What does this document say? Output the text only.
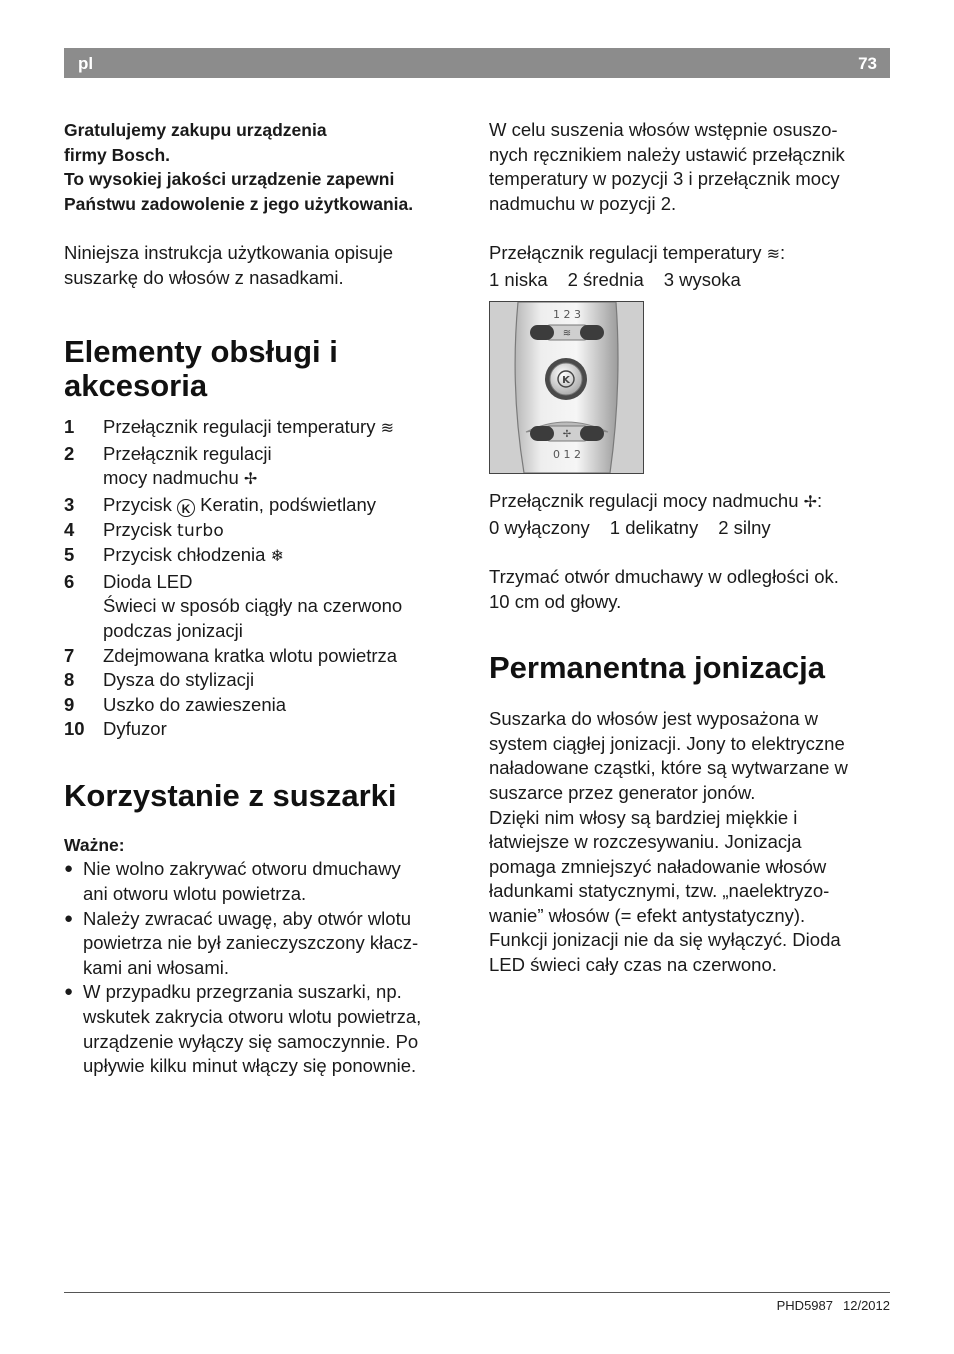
pl	73

Gratulujemy zakupu urządzenia

firmy Bosch.

To wysokiej jakości urządzenie zapewni

Państwu zadowolenie z jego użytkowania.

Niniejsza instrukcja użytkowania opisuje

suszarkę do włosów z nasadkami.

Elementy obsługi i
akcesoria
1	Przełącznik regulacji temperatury ≋
2	Przełącznik regulacji
mocy nadmuchu ✢
3	Przycisk K Keratin, podświetlany
4	Przycisk turbo
5	Przycisk chłodzenia ❄
6	Dioda LED
Świeci w sposób ciągły na czerwono
podczas jonizacji
7	Zdejmowana kratka wlotu powietrza
8	Dysza do stylizacji
9	Uszko do zawieszenia
10 Dyfuzor
Korzystanie z suszarki

Ważne:

● Nie wolno zakrywać otworu dmuchawy
ani otworu wlotu powietrza.
● Należy zwracać uwagę, aby otwór wlotu
powietrza nie był zanieczyszczony kłacz-
kami ani włosami.
● W przypadku przegrzania suszarki, np.
wskutek zakrycia otworu wlotu powietrza,
urządzenie wyłączy się samoczynnie. Po
upływie kilku minut włączy się ponownie.

W celu suszenia włosów wstępnie osuszo-

nych ręcznikiem należy ustawić przełącznik

temperatury w pozycji 3 i przełącznik mocy

nadmuchu w pozycji 2.

Przełącznik regulacji temperatury ≋:

1 niska 2 średnia 3 wysoka

1 2 3
≋
K
✢
0 1 2

Przełącznik regulacji mocy nadmuchu ✢:

0 wyłączony 1 delikatny 2 silny

Trzymać otwór dmuchawy w odległości ok.

10 cm od głowy.

Permanentna jonizacja

Suszarka do włosów jest wyposażona w

system ciągłej jonizacji. Jony to elektryczne

naładowane cząstki, które są wytwarzane w

suszarce przez generator jonów.

Dzięki nim włosy są bardziej miękkie i

łatwiejsze w rozczesywaniu. Jonizacja

pomaga zmniejszyć naładowanie włosów

ładunkami statycznymi, tzw. „naelektryzo-

wanie” włosów (= efekt antystatyczny).

Funkcji jonizacji nie da się wyłączyć. Dioda

LED świeci cały czas na czerwono.

PHD5987 12/2012
